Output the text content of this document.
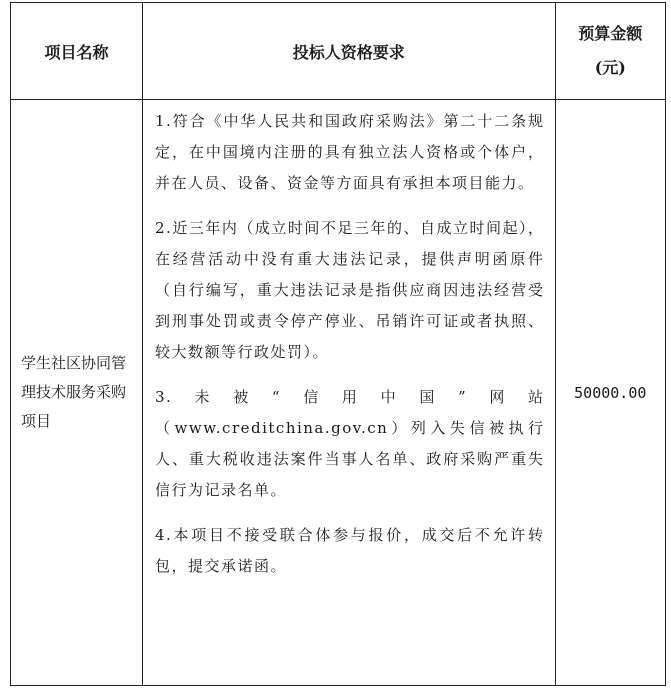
项目名称	投标人资格要求	预算金额
(元)

学生社区协同管理技术服务采购项目	1.符合《中华人民共和国政府采购法》第二十二条规定，在中国境内注册的具有独立法人资格或个体户，并在人员、设备、资金等方面具有承担本项目能力。

2.近三年内（成立时间不足三年的、自成立时间起），在经营活动中没有重大违法记录，提供声明函原件（自行编写，重大违法记录是指供应商因违法经营受到刑事处罚或责令停产停业、吊销许可证或者执照、较大数额等行政处罚）。

3.未被“信用中国”网站（www.creditchina.gov.cn）列入失信被执行人、重大税收违法案件当事人名单、政府采购严重失信行为记录名单。

4.本项目不接受联合体参与报价，成交后不允许转包，提交承诺函。	50000.00
